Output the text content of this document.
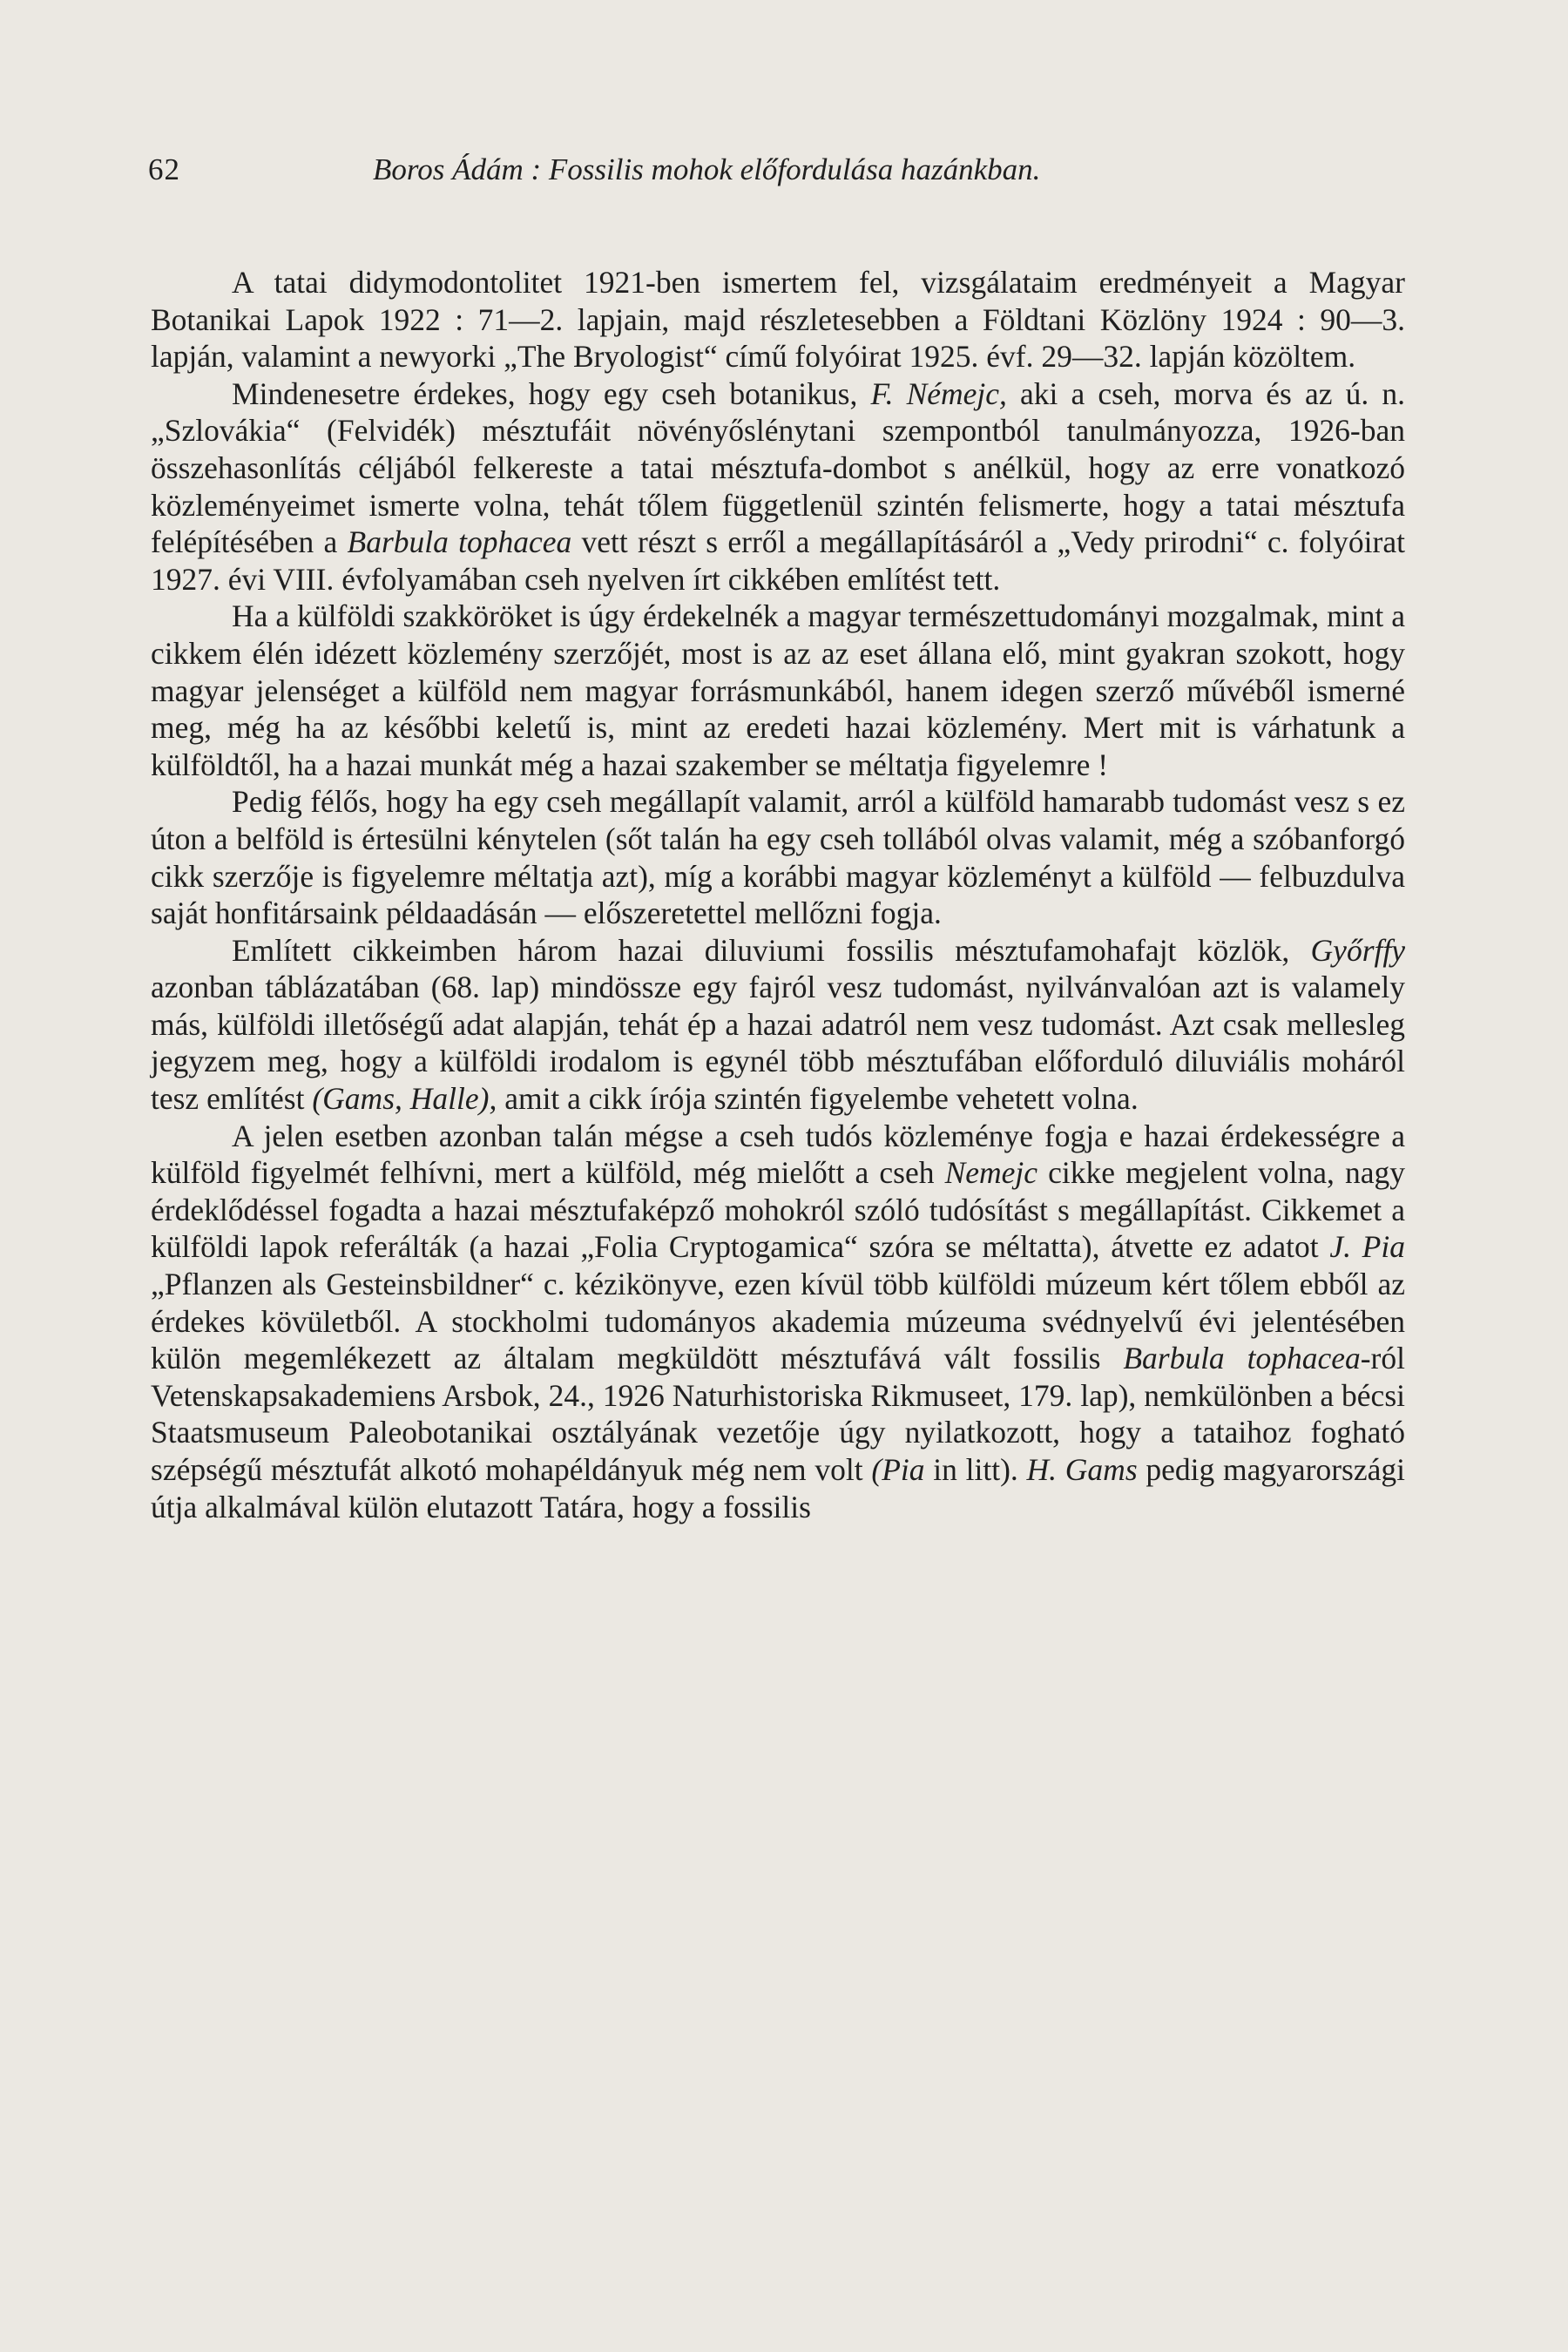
62	Boros Ádám : Fossilis mohok előfordulása hazánkban.

A tatai didymodontolitet 1921-ben ismertem fel, vizsgálataim eredményeit a Magyar Botanikai Lapok 1922 : 71—2. lapjain, majd részletesebben a Földtani Közlöny 1924 : 90—3. lapján, valamint a newyorki „The Bryologist“ című folyóirat 1925. évf. 29—32. lapján közöltem.

Mindenesetre érdekes, hogy egy cseh botanikus, F. Némejc, aki a cseh, morva és az ú. n. „Szlovákia“ (Felvidék) mésztufáit növényőslénytani szempontból tanulmányozza, 1926-ban összehasonlítás céljából felkereste a tatai mésztufa-dombot s anélkül, hogy az erre vonatkozó közleményeimet ismerte volna, tehát tőlem függetlenül szintén felismerte, hogy a tatai mésztufa felépítésében a Barbula tophacea vett részt s erről a megállapításáról a „Vedy prirodni“ c. folyóirat 1927. évi VIII. évfolyamában cseh nyelven írt cikkében említést tett.

Ha a külföldi szakköröket is úgy érdekelnék a magyar természettudományi mozgalmak, mint a cikkem élén idézett közlemény szerzőjét, most is az az eset állana elő, mint gyakran szokott, hogy magyar jelenséget a külföld nem magyar forrásmunkából, hanem idegen szerző művéből ismerné meg, még ha az későbbi keletű is, mint az eredeti hazai közlemény. Mert mit is várhatunk a külföldtől, ha a hazai munkát még a hazai szakember se méltatja figyelemre !

Pedig félős, hogy ha egy cseh megállapít valamit, arról a külföld hamarabb tudomást vesz s ez úton a belföld is értesülni kénytelen (sőt talán ha egy cseh tollából olvas valamit, még a szóbanforgó cikk szerzője is figyelemre méltatja azt), míg a korábbi magyar közleményt a külföld — felbuzdulva saját honfitársaink példaadásán — előszeretettel mellőzni fogja.

Említett cikkeimben három hazai diluviumi fossilis mésztufamohafajt közlök, Győrffy azonban táblázatában (68. lap) mindössze egy fajról vesz tudomást, nyilvánvalóan azt is valamely más, külföldi illetőségű adat alapján, tehát ép a hazai adatról nem vesz tudomást. Azt csak mellesleg jegyzem meg, hogy a külföldi irodalom is egynél több mésztufában előforduló diluviális moháról tesz említést (Gams, Halle), amit a cikk írója szintén figyelembe vehetett volna.

A jelen esetben azonban talán mégse a cseh tudós közleménye fogja e hazai érdekességre a külföld figyelmét felhívni, mert a külföld, még mielőtt a cseh Nemejc cikke megjelent volna, nagy érdeklődéssel fogadta a hazai mésztufaképző mohokról szóló tudósítást s megállapítást. Cikkemet a külföldi lapok referálták (a hazai „Folia Cryptogamica“ szóra se méltatta), átvette ez adatot J. Pia „Pflanzen als Gesteinsbildner“ c. kézikönyve, ezen kívül több külföldi múzeum kért tőlem ebből az érdekes kövületből. A stockholmi tudományos akademia múzeuma svédnyelvű évi jelentésében külön megemlékezett az általam megküldött mésztufává vált fossilis Barbula tophacea-ról Vetenskapsakademiens Arsbok, 24., 1926 Naturhistoriska Rikmuseet, 179. lap), nemkülönben a bécsi Staatsmuseum Paleobotanikai osztályának vezetője úgy nyilatkozott, hogy a tataihoz fogható szépségű mésztufát alkotó mohapéldányuk még nem volt (Pia in litt). H. Gams pedig magyarországi útja alkalmával külön elutazott Tatára, hogy a fossilis
